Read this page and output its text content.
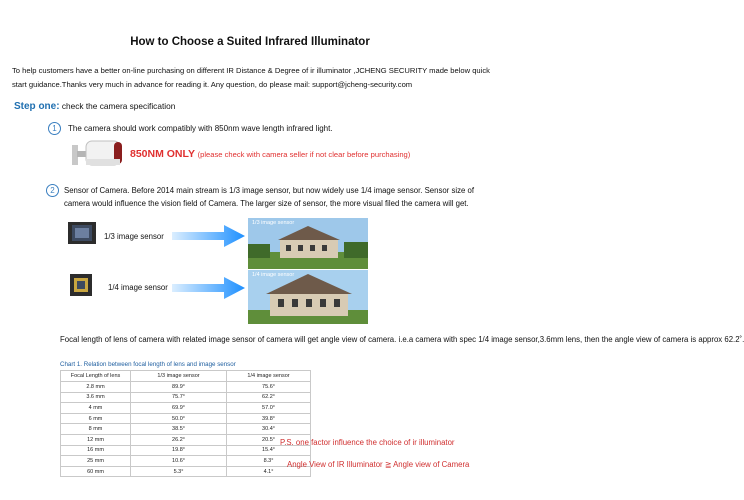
How to Choose a Suited Infrared Illuminator
To help customers have a better on-line purchasing on different IR Distance & Degree of ir illuminator ,JCHENG SECURITY made below quick start guidance.Thanks very much in advance for reading it. Any question, do please mail: support@jcheng-security.com
Step one: check the camera specification
1	The camera should work compatibly with 850nm wave length infrared light.
850NM ONLY (please check with camera seller if not clear before purchasing)
2	Sensor of Camera. Before 2014 main stream is 1/3 image sensor, but now widely use 1/4 image sensor. Sensor size of camera would influence the vision field of Camera. The larger size of sensor, the more visual filed the camera will get.
1/3 image sensor
1/3 image sensor
1/4 image sensor
1/4 image sensor
Focal length of lens of camera with related image sensor of camera will get angle view of camera. i.e.a camera with spec 1/4 image sensor,3.6mm lens, then the angle view of camera is approx 62.2˚.
Chart 1. Relation between focal length of lens and image sensor
Focal Length of lens	1/3 image sensor	1/4 image sensor
2.8 mm	89.9°	75.6°
3.6 mm	75.7°	62.2°
4 mm	69.9°	57.0°
6 mm	50.0°	39.8°
8 mm	38.5°	30.4°
12 mm	26.2°	20.5°
16 mm	19.8°	15.4°
25 mm	10.6°	8.3°
60 mm	5.3°	4.1°
P.S. one factor influence the choice of ir illuminator
Angle View of IR Illuminator ≧ Angle view of Camera
